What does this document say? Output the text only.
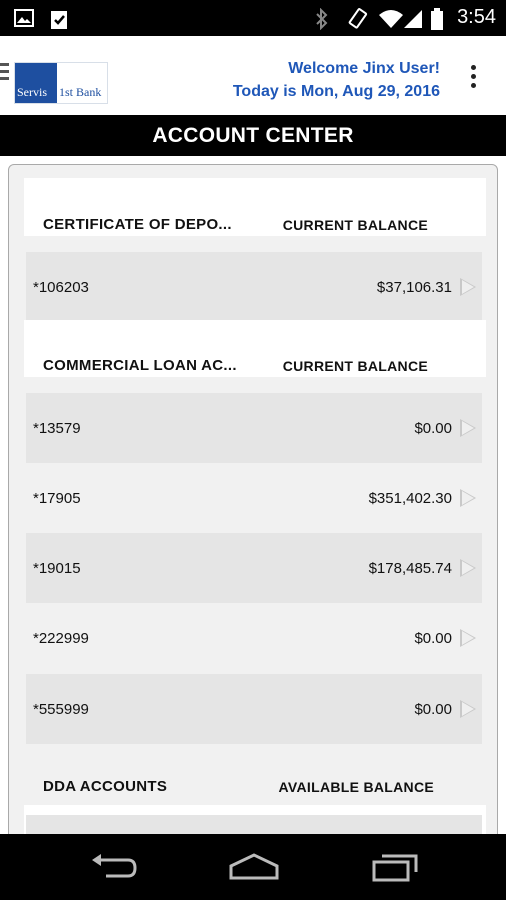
3:54
Servis	1st Bank
Welcome Jinx User!
Today is Mon, Aug 29, 2016
ACCOUNT CENTER
CERTIFICATE OF DEPO...	CURRENT BALANCE
*106203	$37,106.31
COMMERCIAL LOAN AC...	CURRENT BALANCE
*13579	$0.00
*17905	$351,402.30
*19015	$178,485.74
*222999	$0.00
*555999	$0.00
DDA ACCOUNTS	AVAILABLE BALANCE
